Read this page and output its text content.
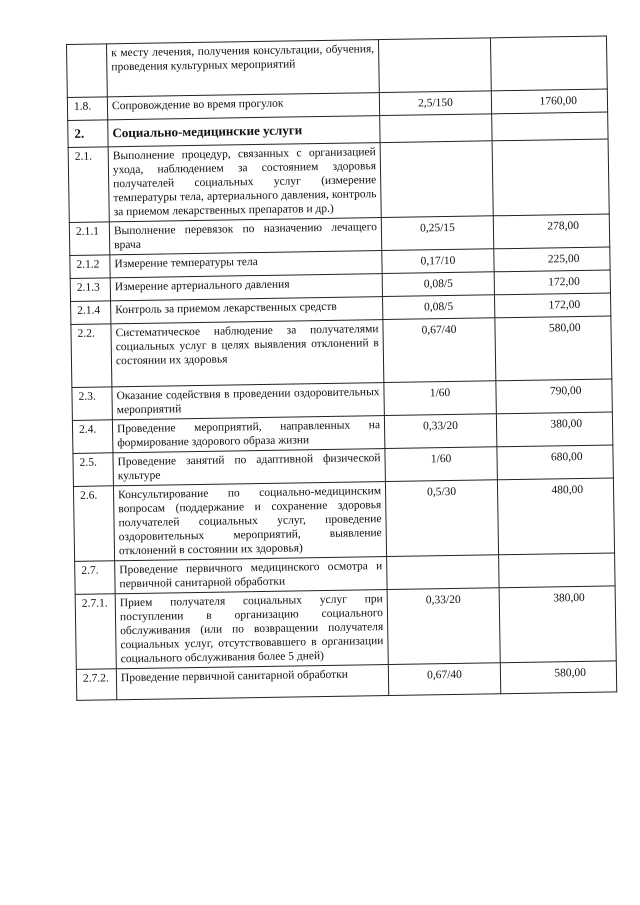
	к месту лечения, получения консультации, обучения, проведения культурных мероприятий		
1.8.	Сопровождение во время прогулок	2,5/150	1760,00
2.	Социально-медицинские услуги		
2.1.	Выполнение процедур, связанных с организацией ухода, наблюдением за состоянием здоровья получателей социальных услуг (измерение температуры тела, артериального давления, контроль за приемом лекарственных препаратов и др.)		
2.1.1	Выполнение перевязок по назначению лечащего врача	0,25/15	278,00
2.1.2	Измерение температуры тела	0,17/10	225,00
2.1.3	Измерение артериального давления	0,08/5	172,00
2.1.4	Контроль за приемом лекарственных средств	0,08/5	172,00
2.2.	Систематическое наблюдение за получателями социальных услуг в целях выявления отклонений в состоянии их здоровья	0,67/40	580,00
2.3.	Оказание содействия в проведении оздоровительных мероприятий	1/60	790,00
2.4.	Проведение мероприятий, направленных на формирование здорового образа жизни	0,33/20	380,00
2.5.	Проведение занятий по адаптивной физической культуре	1/60	680,00
2.6.	Консультирование по социально-медицинским вопросам (поддержание и сохранение здоровья получателей социальных услуг, проведение оздоровительных мероприятий, выявление отклонений в состоянии их здоровья)	0,5/30	480,00
2.7.	Проведение первичного медицинского осмотра и первичной санитарной обработки		
2.7.1.	Прием получателя социальных услуг при поступлении в организацию социального обслуживания (или по возвращении получателя социальных услуг, отсутствовавшего в организации социального обслуживания более 5 дней)	0,33/20	380,00
2.7.2.	Проведение первичной санитарной обработки	0,67/40	580,00
